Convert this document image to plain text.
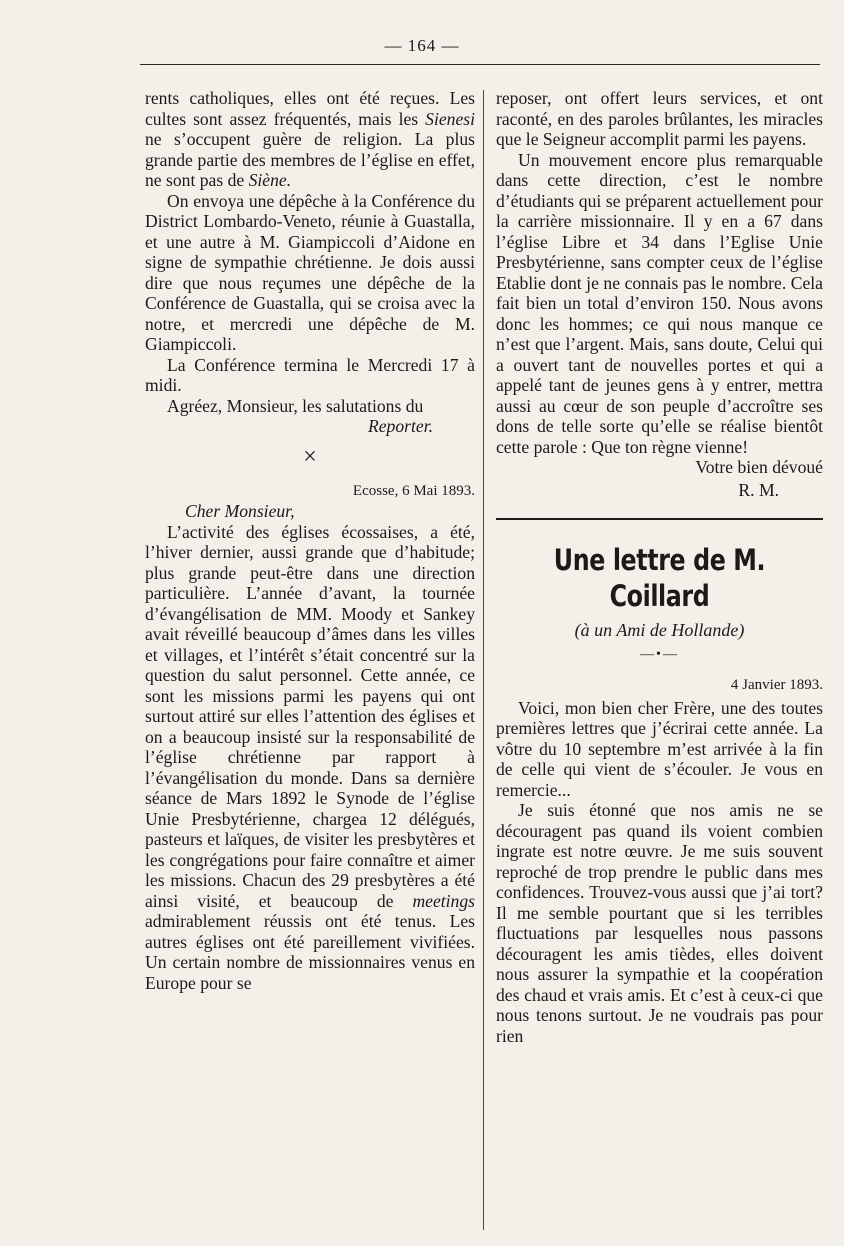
— 164 —

rents catholiques, elles ont été reçues. Les cultes sont assez fréquentés, mais les Sienesi ne s’occupent guère de religion. La plus grande partie des membres de l’église en effet, ne sont pas de Siène.

On envoya une dépêche à la Conférence du District Lombardo-Veneto, réunie à Guastalla, et une autre à M. Giampiccoli d’Aidone en signe de sympathie chrétienne. Je dois aussi dire que nous reçumes une dépêche de la Conférence de Guastalla, qui se croisa avec la notre, et mercredi une dépêche de M. Giampiccoli.

La Conférence termina le Mercredi 17 à midi.

Agréez, Monsieur, les salutations du

Reporter.

×

Ecosse, 6 Mai 1893.

Cher Monsieur,

L’activité des églises écossaises, a été, l’hiver dernier, aussi grande que d’habitude; plus grande peut-être dans une direction particulière. L’année d’avant, la tournée d’évangélisation de MM. Moody et Sankey avait réveillé beaucoup d’âmes dans les villes et villages, et l’intérêt s’était concentré sur la question du salut personnel. Cette année, ce sont les missions parmi les payens qui ont surtout attiré sur elles l’attention des églises et on a beaucoup insisté sur la responsabilité de l’église chrétienne par rapport à l’évangélisation du monde. Dans sa dernière séance de Mars 1892 le Synode de l’église Unie Presbytérienne, chargea 12 délégués, pasteurs et laïques, de visiter les presbytères et les congrégations pour faire connaître et aimer les missions. Chacun des 29 presbytères a été ainsi visité, et beaucoup de meetings admirablement réussis ont été tenus. Les autres églises ont été pareillement vivifiées. Un certain nombre de missionnaires venus en Europe pour se

reposer, ont offert leurs services, et ont raconté, en des paroles brûlantes, les miracles que le Seigneur accomplit parmi les payens.

Un mouvement encore plus remarquable dans cette direction, c’est le nombre d’étudiants qui se préparent actuellement pour la carrière missionnaire. Il y en a 67 dans l’église Libre et 34 dans l’Eglise Unie Presbytérienne, sans compter ceux de l’église Etablie dont je ne connais pas le nombre. Cela fait bien un total d’environ 150. Nous avons donc les hommes; ce qui nous manque ce n’est que l’argent. Mais, sans doute, Celui qui a ouvert tant de nouvelles portes et qui a appelé tant de jeunes gens à y entrer, mettra aussi au cœur de son peuple d’accroître ses dons de telle sorte qu’elle se réalise bientôt cette parole : Que ton règne vienne!

Votre bien dévoué

R. M.

Une lettre de M. Coillard
(à un Ami de Hollande)
—•—

4 Janvier 1893.

Voici, mon bien cher Frère, une des toutes premières lettres que j’écrirai cette année. La vôtre du 10 septembre m’est arrivée à la fin de celle qui vient de s’écouler. Je vous en remercie...

Je suis étonné que nos amis ne se découragent pas quand ils voient combien ingrate est notre œuvre. Je me suis souvent reproché de trop prendre le public dans mes confidences. Trouvez-vous aussi que j’ai tort? Il me semble pourtant que si les terribles fluctuations par lesquelles nous passons découragent les amis tièdes, elles doivent nous assurer la sympathie et la coopération des chaud et vrais amis. Et c’est à ceux-ci que nous tenons surtout. Je ne voudrais pas pour rien
